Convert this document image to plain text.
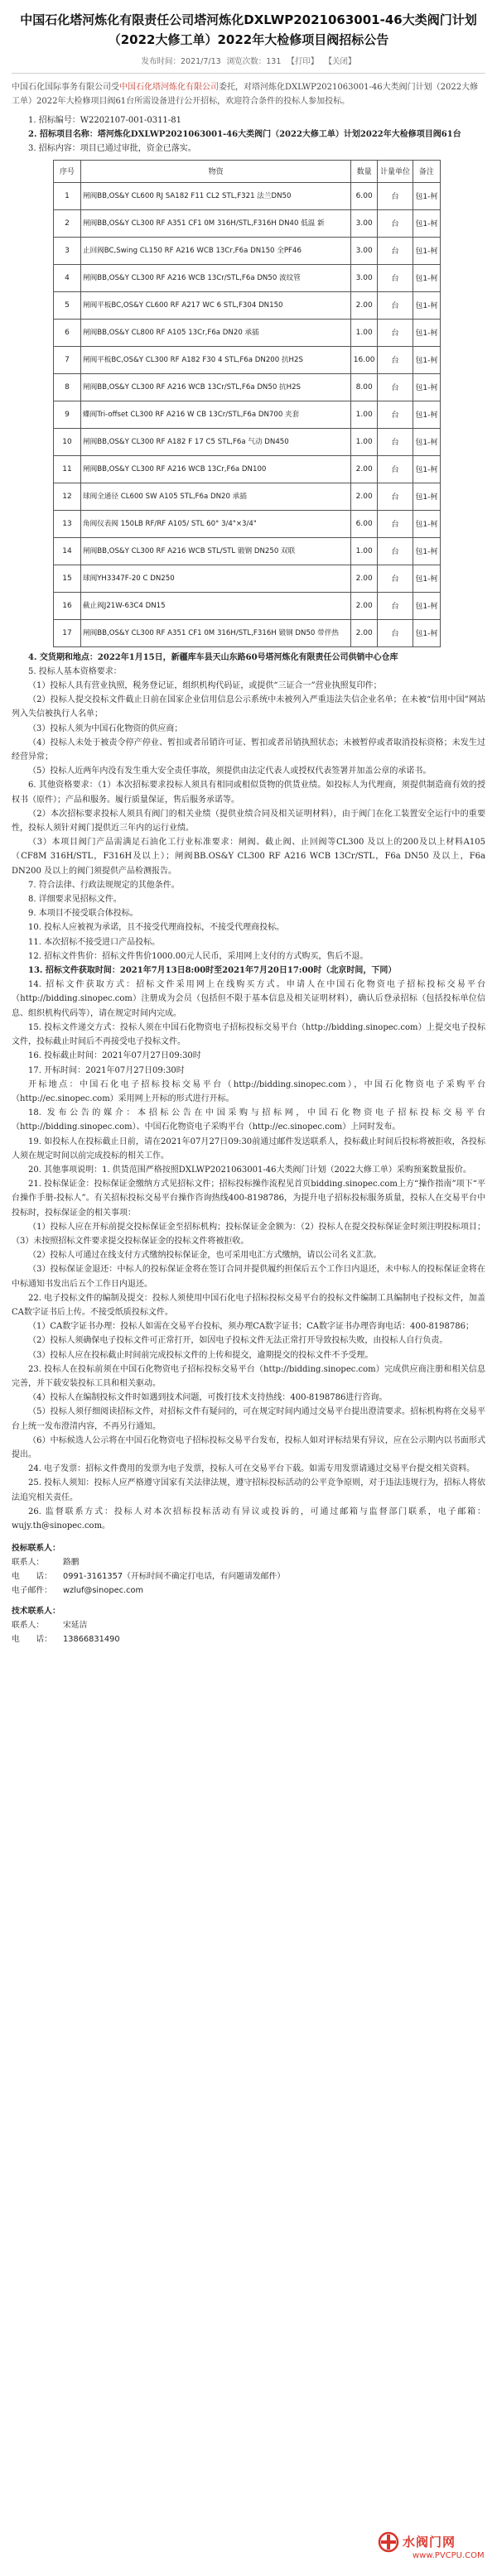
中国石化塔河炼化有限责任公司塔河炼化DXLWP2021063001-46大类阀门计划（2022大修工单）2022年大检修项目阀招标公告
发布时间：2021/7/13 浏览次数：131 【打印】 【关闭】
中国石化国际事务有限公司受中国石化塔河炼化有限公司委托，对塔河炼化DXLWP2021063001-46大类阀门计划（2022大修工单）2022年大检修项目阀61台所需设备进行公开招标，欢迎符合条件的投标人参加投标。

1. 招标编号：W2202107-001-0311-81

2. 招标项目名称：塔河炼化DXLWP2021063001-46大类阀门（2022大修工单）计划2022年大检修项目阀61台

3. 招标内容：项目已通过审批，资金已落实。

序号	物资	数量	计量单位	备注
1	闸阀BB,OS&Y CL600 RJ SA182 F11 CL2 STL,F321 法兰DN50	6.00	台	包1-柯
2	闸阀BB,OS&Y CL300 RF A351 CF1 0M 316H/STL,F316H DN40 低温 新	3.00	台	包1-柯
3	止回阀BC,Swing CL150 RF A216 WCB 13Cr,F6a DN150 全PF46	3.00	台	包1-柯
4	闸阀BB,OS&Y CL300 RF A216 WCB 13Cr/STL,F6a DN50 波纹管	3.00	台	包1-柯
5	闸阀平板BC,OS&Y CL600 RF A217 WC 6 STL,F304 DN150	2.00	台	包1-柯
6	闸阀BB,OS&Y CL800 RF A105 13Cr,F6a DN20 承插	1.00	台	包1-柯
7	闸阀平板BC,OS&Y CL300 RF A182 F30 4 STL,F6a DN200 抗H2S	16.00	台	包1-柯
8	闸阀BB,OS&Y CL300 RF A216 WCB 13Cr/STL,F6a DN50 抗H2S	8.00	台	包1-柯
9	蝶阀Tri-offset CL300 RF A216 W CB 13Cr/STL,F6a DN700 夹套	1.00	台	包1-柯
10	闸阀BB,OS&Y CL300 RF A182 F 17 C5 STL,F6a 气动 DN450	1.00	台	包1-柯
11	闸阀BB,OS&Y CL300 RF A216 WCB 13Cr,F6a DN100	2.00	台	包1-柯
12	球阀全通径 CL600 SW A105 STL,F6a DN20 承插	2.00	台	包1-柯
13	角阀仪表阀 150LB RF/RF A105/ STL 60° 3/4"×3/4"	6.00	台	包1-柯
14	闸阀BB,OS&Y CL300 RF A216 WCB STL/STL 锻钢 DN250 双联	1.00	台	包1-柯
15	球阀YH3347F-20 C DN250	2.00	台	包1-柯
16	截止阀J21W-63C4 DN15	2.00	台	包1-柯
17	闸阀BB,OS&Y CL300 RF A351 CF1 0M 316H/STL,F316H 锻钢 DN50 带伴热	2.00	台	包1-柯

4. 交货期和地点：2022年1月15日，新疆库车县天山东路60号塔河炼化有限责任公司供销中心仓库

5. 投标人基本资格要求：

（1）投标人具有营业执照，税务登记证，组织机构代码证，或提供“三证合一”营业执照复印件；

（2）投标人提交投标文件截止日前在国家企业信用信息公示系统中未被列入严重违法失信企业名单；在未被“信用中国”网站列入失信被执行人名单；

（3）投标人须为中国石化物资的供应商；

（4）投标人未处于被责令停产停业、暂扣或者吊销许可证、暂扣或者吊销执照状态；未被暂停或者取消投标资格；未发生过经营异常；

（5）投标人近两年内没有发生重大安全责任事故，须提供由法定代表人或授权代表签署并加盖公章的承诺书。

6. 其他资格要求：（1）本次招标要求投标人须具有相同或相似货物的供货业绩。如投标人为代理商，须提供制造商有效的授权书（原件）；产品和服务。履行质量保证，售后服务承诺等。

（2）本次招标要求投标人须具有阀门的相关业绩（提供业绩合同及相关证明材料），由于阀门在化工装置安全运行中的重要性，投标人须针对阀门提供近三年内的运行业绩。

（3）本项目阀门产品需满足石油化工行业标准要求：闸阀、截止阀、止回阀等CL300 及以上的200及以上材料A105（CF8M 316H/STL，F316H及以上）；闸阀BB.OS&Y CL300 RF A216 WCB 13Cr/STL，F6a DN50 及以上，F6a DN200 及以上的阀门须提供产品检测报告。

7. 符合法律、行政法规规定的其他条件。

8. 详细要求见招标文件。

9. 本项目不接受联合体投标。

10. 投标人应被视为承诺，且不接受代理商投标，不接受代理商投标。

11. 本次招标不接受进口产品投标。

12. 招标文件售价：招标文件售价1000.00元人民币，采用网上支付的方式购买，售后不退。

13. 招标文件获取时间：2021年7月13日8:00时至2021年7月20日17:00时（北京时间，下同）

14. 招标文件获取方式：招标文件采用网上在线购买方式。申请人在中国石化物资电子招标投标交易平台（http://bidding.sinopec.com）注册成为会员（包括但不限于基本信息及相关证明材料），确认后登录招标（包括投标单位信息、组织机构代码等），请在规定时间内完成。

15. 投标文件递交方式：投标人须在中国石化物资电子招标投标交易平台（http://bidding.sinopec.com）上提交电子投标文件，投标截止时间后不再接受电子投标文件。

16. 投标截止时间：2021年07月27日09:30时

17. 开标时间：2021年07月27日09:30时

开标地点：中国石化电子招标投标交易平台（http://bidding.sinopec.com），中国石化物资电子采购平台（http://ec.sinopec.com）采用网上开标的形式进行开标。

18. 发布公告的媒介：本招标公告在中国采购与招标网，中国石化物资电子招标投标交易平台（http://bidding.sinopec.com）、中国石化物资电子采购平台（http://ec.sinopec.com）上同时发布。

19. 如投标人在投标截止日前，请在2021年07月27日09:30前通过邮件发送联系人，投标截止时间后投标将被拒收，各投标人须在规定时间以前完成投标的相关工作。

20. 其他事项说明：1. 供货范围严格按照DXLWP2021063001-46大类阀门计划（2022大修工单）采购预案数量报价。

21. 投标保证金：投标保证金缴纳方式见招标文件；招标投标操作流程见首页bidding.sinopec.com上方“操作指南”项下“平台操作手册-投标人”。有关招标投标交易平台操作咨询热线400-8198786，为提升电子招标投标服务质量，投标人在交易平台中投标时，投标保证金的相关事项：

（1）投标人应在开标前提交投标保证金至招标机构；投标保证金金额为：（2）投标人在提交投标保证金时须注明投标项目；（3）未按照招标文件要求提交投标保证金的投标文件将被拒收。

（2）投标人可通过在线支付方式缴纳投标保证金，也可采用电汇方式缴纳，请以公司名义汇款。

（3）投标保证金退还：中标人的投标保证金将在签订合同并提供履约担保后五个工作日内退还，未中标人的投标保证金将在中标通知书发出后五个工作日内退还。

22. 电子投标文件的编制及提交：投标人须使用中国石化电子招标投标交易平台的投标文件编制工具编制电子投标文件，加盖CA数字证书后上传。不接受纸质投标文件。

（1）CA数字证书办理：投标人如需在交易平台投标，须办理CA数字证书；CA数字证书办理咨询电话：400-8198786；

（2）投标人须确保电子投标文件可正常打开，如因电子投标文件无法正常打开导致投标失败，由投标人自行负责。

（3）投标人应在投标截止时间前完成投标文件的上传和提交，逾期提交的投标文件不予受理。

23. 投标人在投标前须在中国石化物资电子招标投标交易平台（http://bidding.sinopec.com）完成供应商注册和相关信息完善，并下载安装投标工具和相关驱动。

（4）投标人在编制投标文件时如遇到技术问题，可拨打技术支持热线：400-8198786进行咨询。

（5）投标人须仔细阅读招标文件，对招标文件有疑问的，可在规定时间内通过交易平台提出澄清要求。招标机构将在交易平台上统一发布澄清内容，不再另行通知。

（6）中标候选人公示将在中国石化物资电子招标投标交易平台发布，投标人如对评标结果有异议，应在公示期内以书面形式提出。

24. 电子发票：招标文件费用的发票为电子发票，投标人可在交易平台下载。如需专用发票请通过交易平台提交相关资料。

25. 投标人须知：投标人应严格遵守国家有关法律法规，遵守招标投标活动的公平竞争原则，对于违法违规行为，招标人将依法追究相关责任。

26. 监督联系方式：投标人对本次招标投标活动有异议或投诉的，可通过邮箱与监督部门联系，电子邮箱：wujy.th@sinopec.com。

投标联系人：
联系人：	路鹏
电　　话：	0991-3161357（开标时间不确定打电话，有问题请发邮件）
电子邮件：	wzluf@sinopec.com
技术联系人：
联系人：	宋延洁
电　　话：	13866831490
水阀门网
www.PVCPU.COM
